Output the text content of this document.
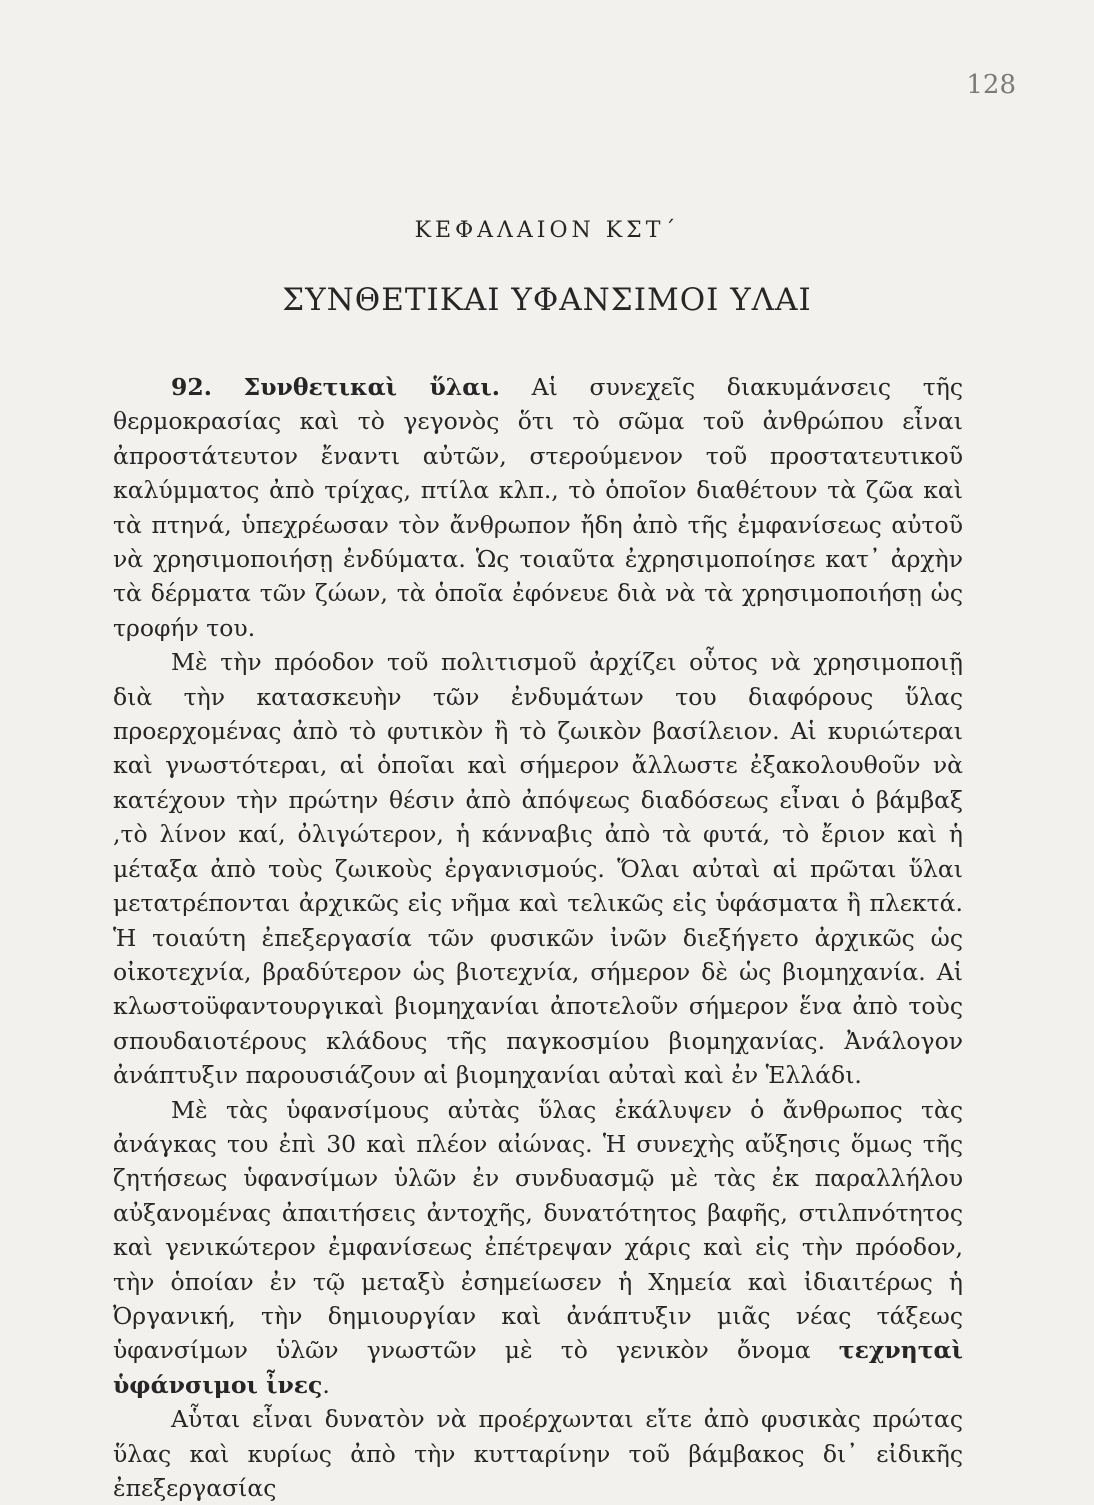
128
ΚΕΦΑΛΑΙΟΝ ΚΣΤ΄
ΣΥΝΘΕΤΙΚΑΙ ΥΦΑΝΣΙΜΟΙ ΥΛΑΙ

92. Συνθετικαὶ ὕλαι. Αἱ συνεχεῖς διακυμάνσεις τῆς θερμοκρασίας καὶ τὸ γεγονὸς ὅτι τὸ σῶμα τοῦ ἀνθρώπου εἶναι ἀπροστάτευτον ἔναντι αὐτῶν, στερούμενον τοῦ προστατευτικοῦ καλύμματος ἀπὸ τρίχας, πτίλα κλπ., τὸ ὁποῖον διαθέτουν τὰ ζῶα καὶ τὰ πτηνά, ὑπεχρέωσαν τὸν ἄνθρωπον ἤδη ἀπὸ τῆς ἐμφανίσεως αὐτοῦ νὰ χρησιμοποιήσῃ ἐνδύματα. Ὡς τοιαῦτα ἐχρησιμοποίησε κατ᾽ ἀρχὴν τὰ δέρματα τῶν ζώων, τὰ ὁποῖα ἐφόνευε διὰ νὰ τὰ χρησιμοποιήσῃ ὡς τροφήν του.

Μὲ τὴν πρόοδον τοῦ πολιτισμοῦ ἀρχίζει οὗτος νὰ χρησιμοποιῇ διὰ τὴν κατασκευὴν τῶν ἐνδυμάτων του διαφόρους ὕλας προερχομένας ἀπὸ τὸ φυτικὸν ἢ τὸ ζωικὸν βασίλειον. Αἱ κυριώτεραι καὶ γνωστότεραι, αἱ ὁποῖαι καὶ σήμερον ἄλλωστε ἐξακολουθοῦν νὰ κατέχουν τὴν πρώτην θέσιν ἀπὸ ἀπόψεως διαδόσεως εἶναι ὁ βάμβαξ ,τὸ λίνον καί, ὀλιγώτερον, ἡ κάνναβις ἀπὸ τὰ φυτά, τὸ ἔριον καὶ ἡ μέταξα ἀπὸ τοὺς ζωικοὺς ἐργανισμούς. Ὅλαι αὐταὶ αἱ πρῶται ὕλαι μετατρέπονται ἀρχικῶς εἰς νῆμα καὶ τελικῶς εἰς ὑφάσματα ἢ πλεκτά. Ἡ τοιαύτη ἐπεξεργασία τῶν φυσικῶν ἰνῶν διεξήγετο ἀρχικῶς ὡς οἰκοτεχνία, βραδύτερον ὡς βιοτεχνία, σήμερον δὲ ὡς βιομηχανία. Αἱ κλωστοϋφαντουργικαὶ βιομηχανίαι ἀποτελοῦν σήμερον ἕνα ἀπὸ τοὺς σπουδαιοτέρους κλάδους τῆς παγκοσμίου βιομηχανίας. Ἀνάλογον ἀνάπτυξιν παρουσιάζουν αἱ βιομηχανίαι αὐταὶ καὶ ἐν Ἑλλάδι.

Μὲ τὰς ὑφανσίμους αὐτὰς ὕλας ἐκάλυψεν ὁ ἄνθρωπος τὰς ἀνάγκας του ἐπὶ 30 καὶ πλέον αἰώνας. Ἡ συνεχὴς αὔξησις ὅμως τῆς ζητήσεως ὑφανσίμων ὑλῶν ἐν συνδυασμῷ μὲ τὰς ἐκ παραλλήλου αὐξανομένας ἀπαιτήσεις ἀντοχῆς, δυνατότητος βαφῆς, στιλπνότητος καὶ γενικώτερον ἐμφανίσεως ἐπέτρεψαν χάρις καὶ εἰς τὴν πρόοδον, τὴν ὁποίαν ἐν τῷ μεταξὺ ἐσημείωσεν ἡ Χημεία καὶ ἰδιαιτέρως ἡ Ὀργανική, τὴν δημιουργίαν καὶ ἀνάπτυξιν μιᾶς νέας τάξεως ὑφανσίμων ὑλῶν γνωστῶν μὲ τὸ γενικὸν ὄνομα τεχνηταὶ ὑφάνσιμοι ἶνες.

Αὗται εἶναι δυνατὸν νὰ προέρχωνται εἴτε ἀπὸ φυσικὰς πρώτας ὕλας καὶ κυρίως ἀπὸ τὴν κυτταρίνην τοῦ βάμβακος δι᾽ εἰδικῆς ἐπεξεργασίας
